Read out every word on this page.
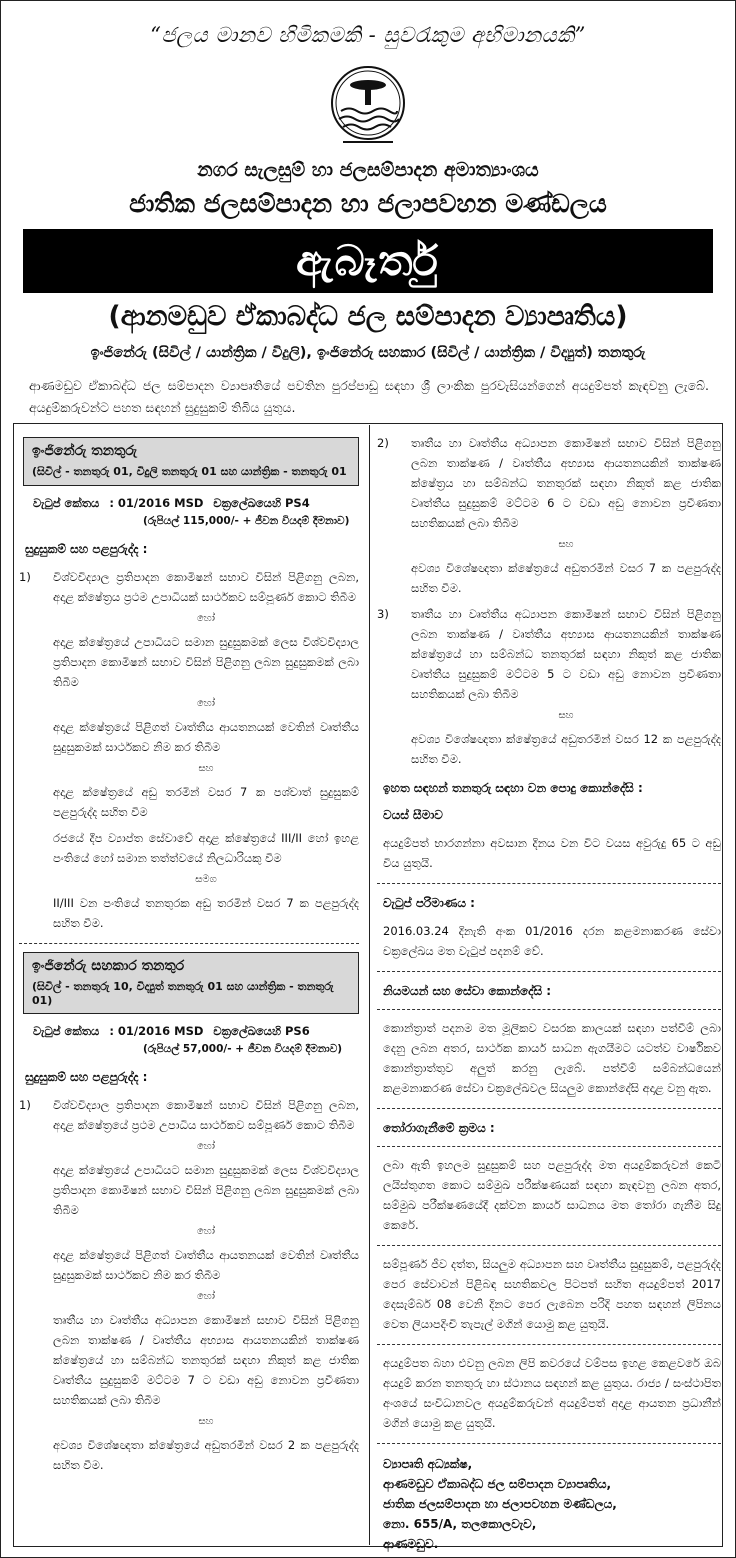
“ජලය මානව හිමිකමකි - සුවරැකුම අභිමානයකි”
නගර සැලසුම් හා ජලසම්පාදන අමාත්‍යාංශය
ජාතික ජලසම්පාදන හා ජලාපවහන මණ්ඩලය
ඇබෑර්තු
(ආනමඩුව ඒකාබද්ධ ජල සම්පාදන ව්‍යාපෘතිය)
ඉංජිනේරු (සිවිල් / යාන්ත්‍රික / විදුලි), ඉංජිනේරු සහකාර (සිවිල් / යාන්ත්‍රික / විද්‍යුත්) තනතුරු
ආණමඩුව ඒකාබද්ධ ජල සම්පාදන ව්‍යාපෘතියේ පවතින පුරප්පාඩු සඳහා ශ්‍රී ලාංකික පුරවැසියන්ගෙන් අයදුම්පත් කැඳවනු ලැබේ. අයදුම්කරුවන්ට පහත සඳහන් සුදුසුකම් තිබිය යුතුය.
ඉංජිනේරු තනතුරු
(සිවිල් - තනතුරු 01, විදුලි තනතුරු 01 සහ යාන්ත්‍රික - තනතුරු 01
වැටුප් කේතය : 01/2016 MSD චක්‍රලේඛයෙහි PS4
(රුපියල් 115,000/- + ජීවන වියදම් දීමනාව)
සුදුසුකම් සහ පළපුරුද්ද :
1)	විශ්වවිද්‍යාල ප්‍රතිපාදන කොමිෂන් සභාව විසින් පිළිගනු ලබන, අදාළ ක්ෂේත්‍රය ප්‍රථම උපාධියක් සාර්ථකව සම්පූර්ණ කොට තිබීම
හෝ
අදාළ ක්ෂේත්‍රයේ උපාධියට සමාන සුදුසුකමක් ලෙස විශ්වවිද්‍යාල ප්‍රතිපාදන කොමිෂන් සභාව විසින් පිළිගනු ලබන සුදුසුකමක් ලබා තිබීම
හෝ
අදාළ ක්ෂේත්‍රයේ පිළිගත් වෘත්තීය ආයතනයක් වෙතින් වෘත්තීය සුදුසුකමක් සාර්ථකව නිම කර තිබීම
සහ
අදාළ ක්ෂේත්‍රයේ අඩු තරමින් වසර 7 ක පශ්චාත් සුදුසුකම් පළපුරුද්ද සහිත වීම
රජයේ දීප ව්‍යාප්ත සේවාවේ අදාළ ක්ෂේත්‍රයේ III/II හෝ ඉහළ පංතියේ හෝ සමාන තත්ත්වයේ නිලධාරියකු වීම
සමග
II/III වන පංතියේ තනතුරක අඩු තරමින් වසර 7 ක පළපුරුද්ද සහිත වීම.
ඉංජිනේරු සහකාර තනතුර
(සිවිල් - තනතුරු 10, විද්‍යුත් තනතුරු 01 සහ යාන්ත්‍රික - තනතුරු 01)
වැටුප් කේතය : 01/2016 MSD චක්‍රලේඛයෙහි PS6
(රුපියල් 57,000/- + ජීවන වියදම් දීමනාව)
සුදුසුකම් සහ පළපුරුද්ද :
1)	විශ්වවිද්‍යාල ප්‍රතිපාදන කොමිෂන් සභාව විසින් පිළිගනු ලබන, අදාළ ක්ෂේත්‍රයේ ප්‍රථම උපාධිය සාර්ථකව සම්පූර්ණ කොට තිබීම
හෝ
අදාළ ක්ෂේත්‍රයේ උපාධියට සමාන සුදුසුකමක් ලෙස විශ්වවිද්‍යාල ප්‍රතිපාදන කොමිෂන් සභාව විසින් පිළිගනු ලබන සුදුසුකමක් ලබා තිබීම
හෝ
අදාළ ක්ෂේත්‍රයේ පිළිගත් වෘත්තීය ආයතනයක් වෙතින් වෘත්තීය සුදුසුකමක් සාර්ථකව නිම කර තිබීම
හෝ
තෘතීය හා වෘත්තීය අධ්‍යාපන කොමිෂන් සභාව විසින් පිළිගනු ලබන තාක්ෂණ / වෘත්තීය අභ්‍යාස ආයතනයකින් තාක්ෂණ ක්ෂේත්‍රයේ හා සම්බන්ධ තනතුරක් සඳහා නිකුත් කළ ජාතික වෘත්තීය සුදුසුකම් මට්ටම 7 ට වඩා අඩු නොවන ප්‍රවීණතා සහතිකයක් ලබා තිබීම
සහ
අවශ්‍ය විශේෂඥතා ක්ෂේත්‍රයේ අඩුතරමින් වසර 2 ක පළපුරුද්ද සහිත වීම.
2)	තෘතීය හා වෘත්තීය අධ්‍යාපන කොමිෂන් සභාව විසින් පිළිගනු ලබන තාක්ෂණ / වෘත්තීය අභ්‍යාස ආයතනයකින් තාක්ෂණ ක්ෂේත්‍රය හා සම්බන්ධ තනතුරක් සඳහා නිකුත් කළ ජාතික වෘත්තීය සුදුසුකම් මට්ටම 6 ට වඩා අඩු නොවන ප්‍රවීණතා සහතිකයක් ලබා තිබීම
සහ
අවශ්‍ය විශේෂඥතා ක්ෂේත්‍රයේ අඩුතරමින් වසර 7 ක පළපුරුද්ද සහිත වීම.
3)	තෘතීය හා වෘත්තීය අධ්‍යාපන කොමිෂන් සභාව විසින් පිළිගනු ලබන තාක්ෂණ / වෘත්තීය අභ්‍යාස ආයතනයකින් තාක්ෂණ ක්ෂේත්‍රයේ හා සම්බන්ධ තනතුරක් සඳහා නිකුත් කළ ජාතික වෘත්තීය සුදුසුකම් මට්ටම 5 ට වඩා අඩු නොවන ප්‍රවීණතා සහතිකයක් ලබා තිබීම
සහ
අවශ්‍ය විශේෂඥතා ක්ෂේත්‍රයේ අඩුතරමින් වසර 12 ක පළපුරුද්ද සහිත වීම.
ඉහත සඳහන් තනතුරු සඳහා වන පොදු කොන්දේසි :
වයස් සීමාව
අයදුම්පත් භාරගන්නා අවසාන දිනය වන විට වයස අවුරුදු 65 ට අඩු විය යුතුයි.
වැටුප් පරිමාණය :
2016.03.24 දිනැති අංක 01/2016 දරන කළමනාකරණ සේවා චක්‍රලේඛය මත වැටුප් පදනම් වේ.
නියමයන් සහ සේවා කොන්දේසි :
කොන්ත්‍රාත් පදනම මත මූලිකව වසරක කාලයක් සඳහා පත්වීම් ලබා දෙනු ලබන අතර, සාර්ථක කාර්ය සාධන ඇගයීමට යටත්ව වාර්ෂිකව කොන්ත්‍රාත්තුව අලුත් කරනු ලැබේ. පත්වීම් සම්බන්ධයෙන් කළමනාකරණ සේවා චක්‍රලේඛවල සියලුම කොන්දේසි අදාළ වනු ඇත.
තෝරාගැනීමේ ක්‍රමය :
ලබා ඇති ඉහලම සුදුසුකම් සහ පළපුරුද්ද මත අයදුම්කරුවන් කෙටි ලයිස්තුගත කොට සම්මුඛ පරීක්ෂණයක් සඳහා කැඳවනු ලබන අතර, සම්මුඛ පරීක්ෂණයේදී දක්වන කාර්ය සාධනය මත තෝරා ගැනීම සිදු කෙරේ.
සම්පූර්ණ ජීව දත්ත, සියලුම අධ්‍යාපන සහ වෘත්තීය සුදුසුකම්, පළපුරුද්ද පෙර සේවාවන් පිළිබඳ සහතිකවල පිටපත් සහිත අයදුම්පත් 2017 දෙසැම්බර් 08 වෙනි දිනට පෙර ලැබෙන පරිදි පහත සඳහන් ලිපිනය වෙත ලියාපදිංචි තැපැල් මගින් යොමු කළ යුතුයි.
අයදුම්පත බහා එවනු ලබන ලිපි කවරයේ වම්පස ඉහළ කෙළවරේ ඔබ අයදුම් කරන තනතුරු හා ස්ථානය සඳහන් කළ යුතුය. රාජ්‍ය / සංස්ථාපිත අංශයේ සංවිධානවල අයදුම්කරුවන් අයදුම්පත් අදාළ ආයතන ප්‍රධානීන් මගින් යොමු කළ යුතුයි.
ව්‍යාපෘති අධ්‍යක්ෂ,
ආණමඩුව ඒකාබද්ධ ජල සම්පාදන ව්‍යාපෘතිය,
ජාතික ජලසම්පාදන හා ජලාපවහන මණ්ඩලය,
නො. 655/A, තලකොලවැව,
ආණමඩුව.
